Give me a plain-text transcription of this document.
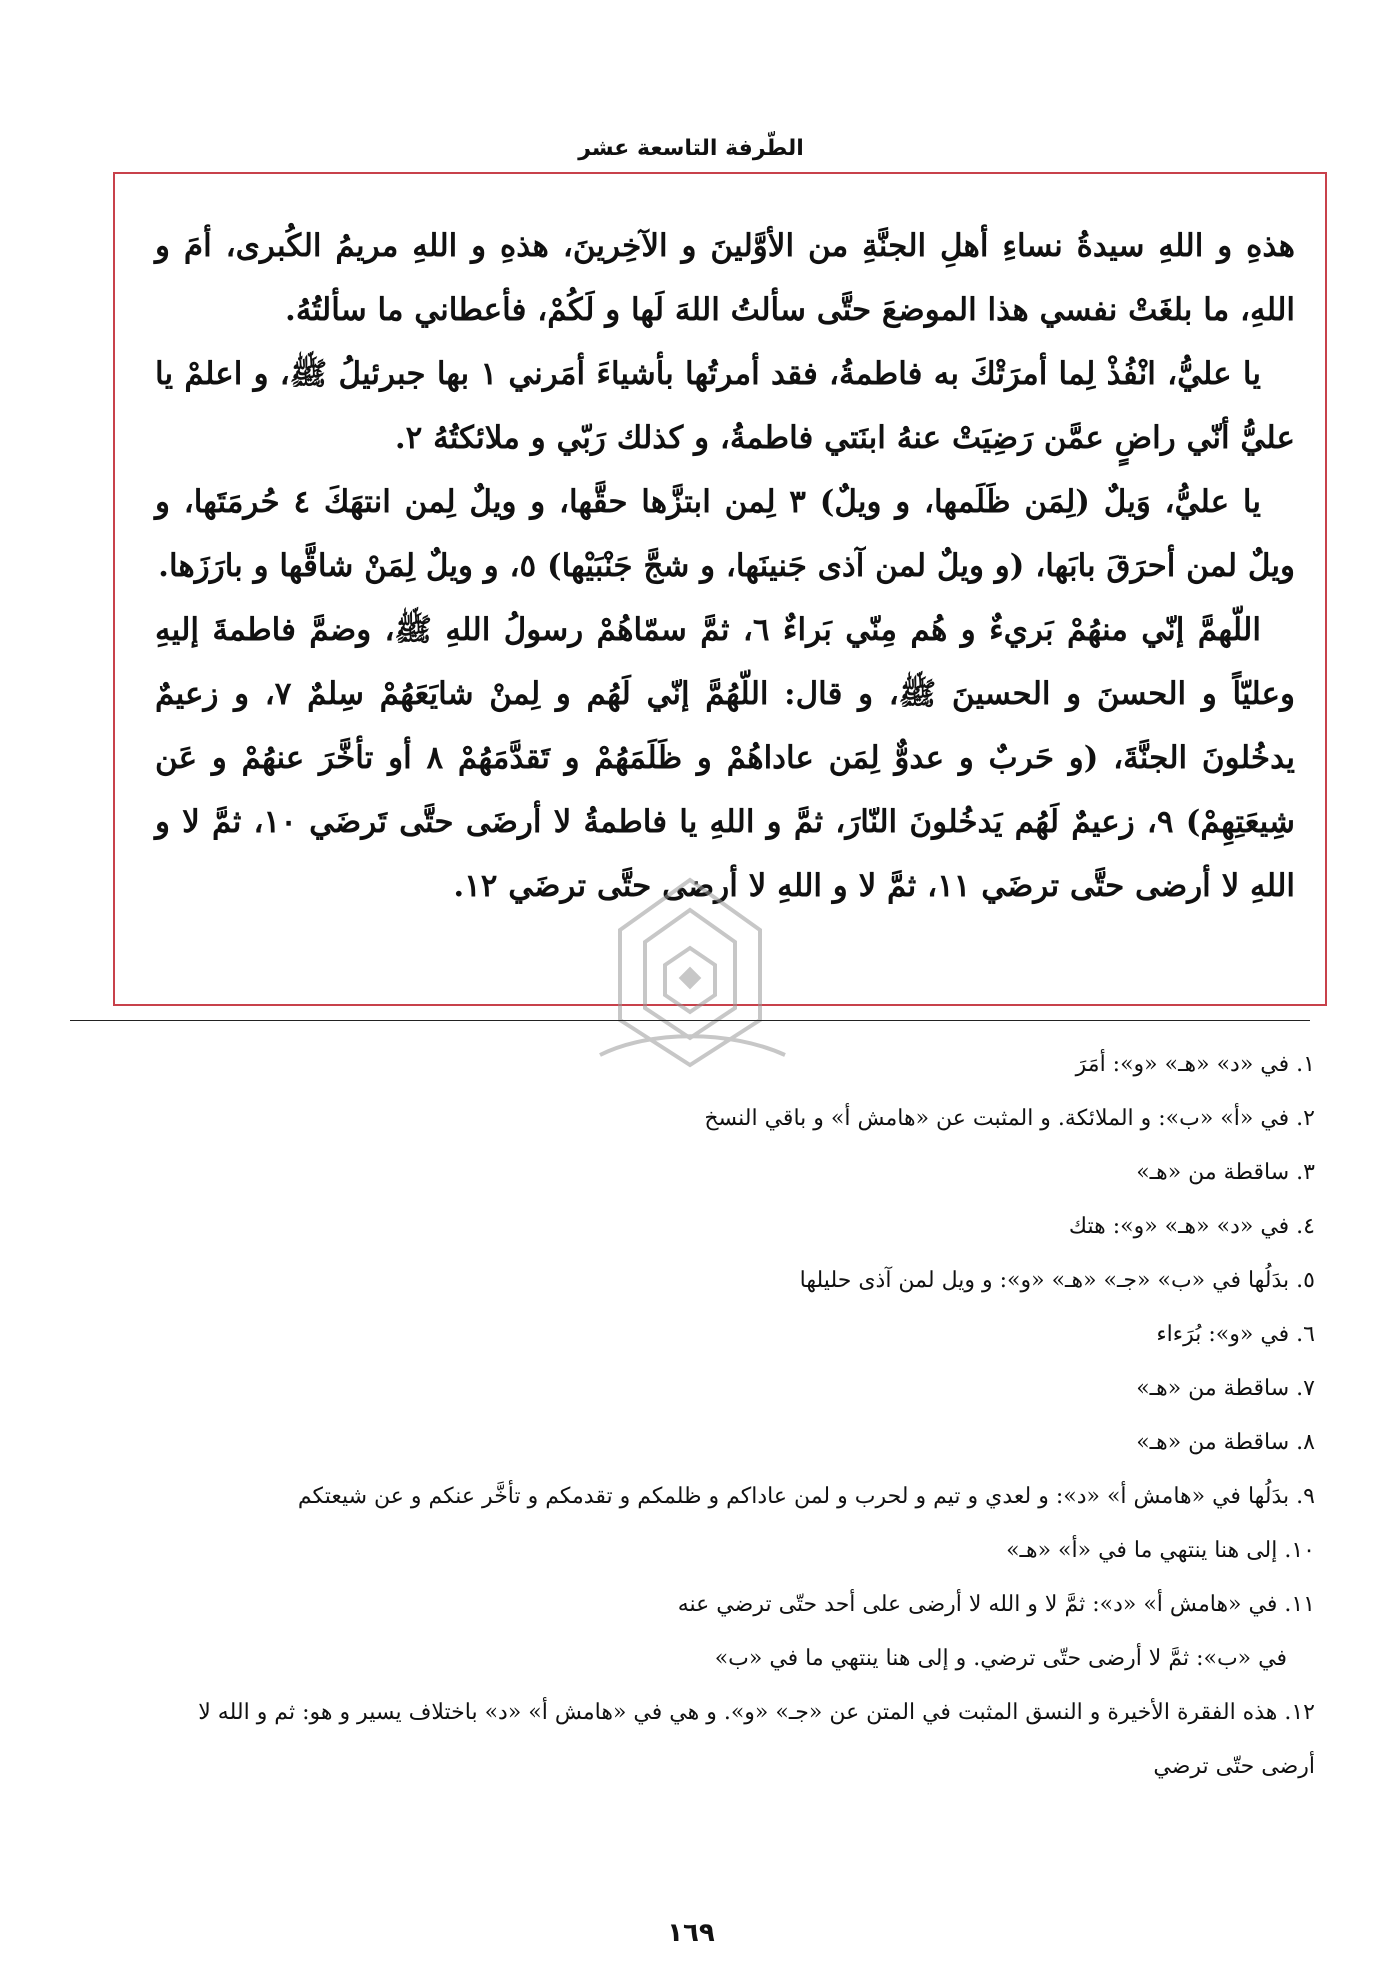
الطّرفة التاسعة عشر

هذهِ و اللهِ سيدةُ نساءِ أهلِ الجنَّةِ من الأوَّلينَ و الآخِرينَ، هذهِ و اللهِ مريمُ الكُبرى، أمَ و اللهِ، ما بلغَتْ نفسي هذا الموضعَ حتَّى سألتُ اللهَ لَها و لَكُمْ، فأعطاني ما سألتُهُ.

يا عليُّ، انْفُذْ لِما أمرَتْكَ به فاطمةُ، فقد أمرتُها بأشياءَ أمَرني ١ بها جبرئيلُ ﷺ، و اعلمْ يا عليُّ أنّي راضٍ عمَّن رَضِيَتْ عنهُ ابنَتي فاطمةُ، و كذلك رَبّي و ملائكتُهُ ٢.

يا عليُّ، وَيلٌ (لِمَن ظَلَمها، و ويلٌ) ٣ لِمن ابتزَّها حقَّها، و ويلٌ لِمن انتهَكَ ٤ حُرمَتَها، و ويلٌ لمن أحرَقَ بابَها، (و ويلٌ لمن آذى جَنينَها، و شجَّ جَنْبَيْها) ٥، و ويلٌ لِمَنْ شاقَّها و بارَزَها.

اللّهمَّ إنّي منهُمْ بَريءٌ و هُم مِنّي بَراءٌ ٦، ثمَّ سمّاهُمْ رسولُ اللهِ ﷺ، وضمَّ فاطمةَ إليهِ وعليّاً و الحسنَ و الحسينَ ﷺ، و قال: اللّهُمَّ إنّي لَهُم و لِمنْ شايَعَهُمْ سِلمٌ ٧، و زعيمٌ يدخُلونَ الجنَّةَ، (و حَربٌ و عدوٌّ لِمَن عاداهُمْ و ظَلَمَهُمْ و تَقدَّمَهُمْ ٨ أو تأخَّرَ عنهُمْ و عَن شِيعَتِهِمْ) ٩، زعيمٌ لَهُم يَدخُلونَ النّارَ، ثمَّ و اللهِ يا فاطمةُ لا أرضَى حتَّى تَرضَي ١٠، ثمَّ لا و اللهِ لا أرضى حتَّى ترضَي ١١، ثمَّ لا و اللهِ لا أرضى حتَّى ترضَي ١٢.

١. في «د» «هـ» «و»: أمَرَ

٢. في «أ» «ب»: و الملائكة. و المثبت عن «هامش أ» و باقي النسخ

٣. ساقطة من «هـ»

٤. في «د» «هـ» «و»: هتك

٥. بدَلُها في «ب» «جـ» «هـ» «و»: و ويل لمن آذى حليلها

٦. في «و»: بُرَءاء

٧. ساقطة من «هـ»

٨. ساقطة من «هـ»

٩. بدَلُها في «هامش أ» «د»: و لعدي و تيم و لحرب و لمن عاداكم و ظلمكم و تقدمكم و تأخَّر عنكم و عن شيعتكم

١٠. إلى هنا ينتهي ما في «أ» «هـ»

١١. في «هامش أ» «د»: ثمَّ لا و الله لا أرضى على أحد حتّى ترضي عنه

في «ب»: ثمَّ لا أرضى حتّى ترضي. و إلى هنا ينتهي ما في «ب»

١٢. هذه الفقرة الأخيرة و النسق المثبت في المتن عن «جـ» «و». و هي في «هامش أ» «د» باختلاف يسير و هو: ثم و الله لا أرضى حتّى ترضي

١٦٩
